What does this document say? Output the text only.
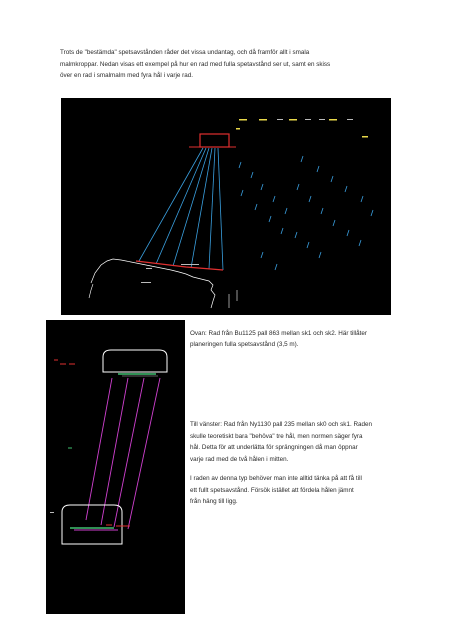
Trots de "bestämda" spetsavstånden råder det vissa undantag, och då framför allt i smala
malmkroppar. Nedan visas ett exempel på hur en rad med fulla spetavstånd ser ut, samt en skiss
över en rad i smalmalm med fyra hål i varje rad.
Ovan: Rad från Bu1125 pall 863 mellan sk1 och sk2. Här tillåter
planeringen fulla spetsavstånd (3,5 m).
Till vänster: Rad från Ny1130 pall 235 mellan sk0 och sk1. Raden
skulle teoretiskt bara "behöva" tre hål, men normen säger fyra
hål. Detta för att underlätta för sprängningen då man öppnar
varje rad med de två hålen i mitten.
I raden av denna typ behöver man inte alltid tänka på att få till
ett fullt spetsavstånd. Försök istället att fördela hålen jämnt
från häng till ligg.
